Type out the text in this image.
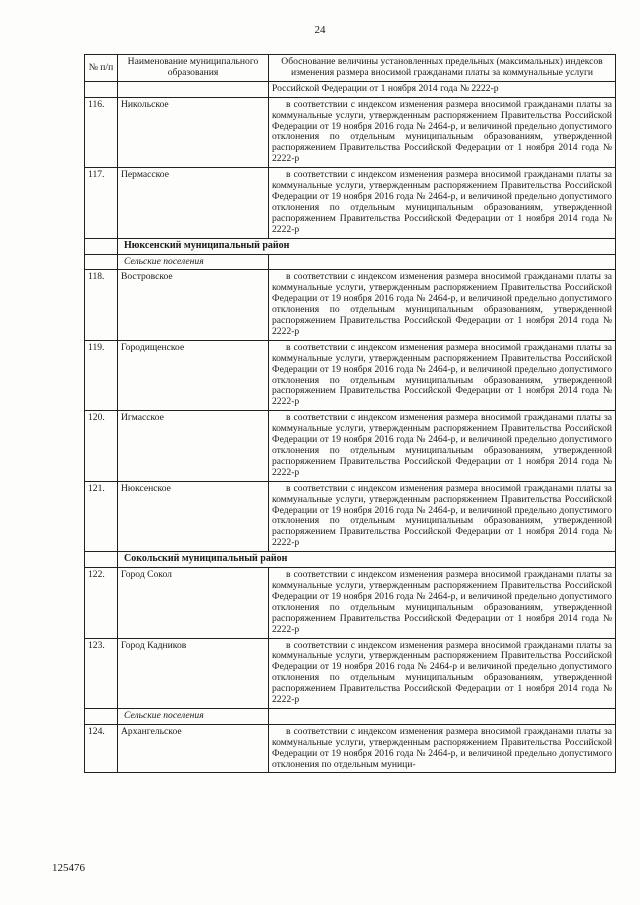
24
№ п/п	Наименование муниципального образования	Обоснование величины установленных предельных (максимальных) индексов изменения размера вносимой гражданами платы за коммунальные услуги
		Российской Федерации от 1 ноября 2014 года № 2222-р
116.	Никольское	в соответствии с индексом изменения размера вносимой гражданами платы за коммунальные услуги, утвержденным распоряжением Правительства Российской Федерации от 19 ноября 2016 года № 2464-р, и величиной предельно допустимого отклонения по отдельным муниципальным образованиям, утвержденной распоряжением Правительства Российской Федерации от 1 ноября 2014 года № 2222-р

117.	Пермасское	в соответствии с индексом изменения размера вносимой гражданами платы за коммунальные услуги, утвержденным распоряжением Правительства Российской Федерации от 19 ноября 2016 года № 2464-р, и величиной предельно допустимого отклонения по отдельным муниципальным образованиям, утвержденной распоряжением Правительства Российской Федерации от 1 ноября 2014 года № 2222-р

	Нюксенский муниципальный район	
	Сельские поселения	
118.	Востровское	в соответствии с индексом изменения размера вносимой гражданами платы за коммунальные услуги, утвержденным распоряжением Правительства Российской Федерации от 19 ноября 2016 года № 2464-р, и величиной предельно допустимого отклонения по отдельным муниципальным образованиям, утвержденной распоряжением Правительства Российской Федерации от 1 ноября 2014 года № 2222-р

119.	Городищенское	в соответствии с индексом изменения размера вносимой гражданами платы за коммунальные услуги, утвержденным распоряжением Правительства Российской Федерации от 19 ноября 2016 года № 2464-р, и величиной предельно допустимого отклонения по отдельным муниципальным образованиям, утвержденной распоряжением Правительства Российской Федерации от 1 ноября 2014 года № 2222-р

120.	Игмасское	в соответствии с индексом изменения размера вносимой гражданами платы за коммунальные услуги, утвержденным распоряжением Правительства Российской Федерации от 19 ноября 2016 года № 2464-р, и величиной предельно допустимого отклонения по отдельным муниципальным образованиям, утвержденной распоряжением Правительства Российской Федерации от 1 ноября 2014 года № 2222-р

121.	Нюксенское	в соответствии с индексом изменения размера вносимой гражданами платы за коммунальные услуги, утвержденным распоряжением Правительства Российской Федерации от 19 ноября 2016 года № 2464-р, и величиной предельно допустимого отклонения по отдельным муниципальным образованиям, утвержденной распоряжением Правительства Российской Федерации от 1 ноября 2014 года № 2222-р

	Сокольский муниципальный район	
122.	Город Сокол	в соответствии с индексом изменения размера вносимой гражданами платы за коммунальные услуги, утвержденным распоряжением Правительства Российской Федерации от 19 ноября 2016 года № 2464-р, и величиной предельно допустимого отклонения по отдельным муниципальным образованиям, утвержденной распоряжением Правительства Российской Федерации от 1 ноября 2014 года № 2222-р

123.	Город Кадников	в соответствии с индексом изменения размера вносимой гражданами платы за коммунальные услуги, утвержденным распоряжением Правительства Российской Федерации от 19 ноября 2016 года № 2464-р и величиной предельно допустимого отклонения по отдельным муниципальным образованиям, утвержденной распоряжением Правительства Российской Федерации от 1 ноября 2014 года № 2222-р

	Сельские поселения	
124.	Архангельское	в соответствии с индексом изменения размера вносимой гражданами платы за коммунальные услуги, утвержденным распоряжением Правительства Российской Федерации от 19 ноября 2016 года № 2464-р, и величиной предельно допустимого отклонения по отдельным муници-
125476
